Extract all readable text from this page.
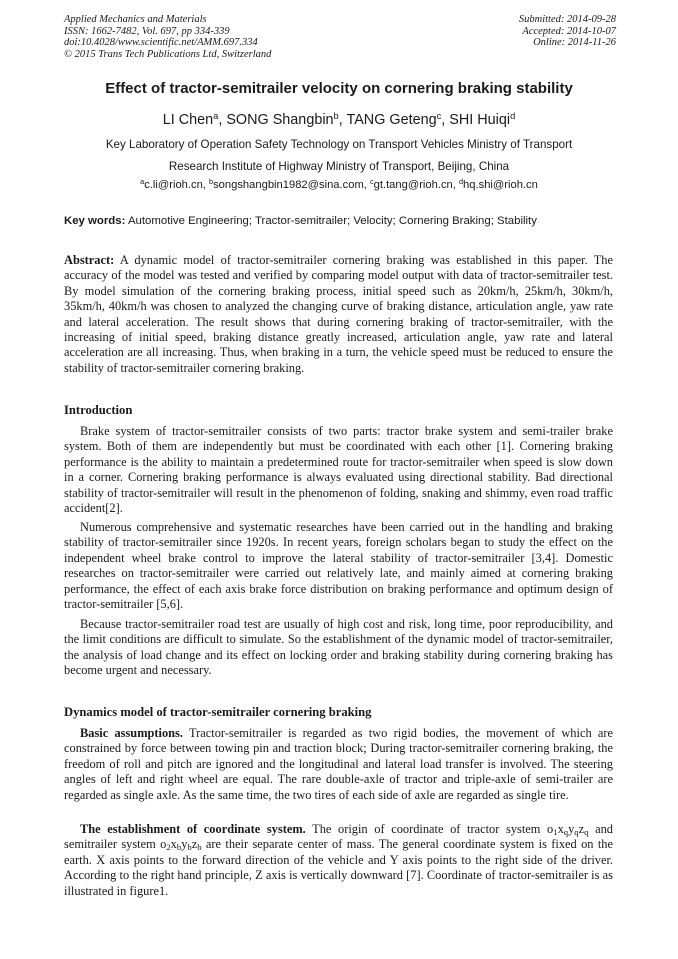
Applied Mechanics and Materials
ISSN: 1662-7482, Vol. 697, pp 334-339
doi:10.4028/www.scientific.net/AMM.697.334
© 2015 Trans Tech Publications Ltd, Switzerland
Submitted: 2014-09-28
Accepted: 2014-10-07
Online: 2014-11-26
Effect of tractor-semitrailer velocity on cornering braking stability
LI Chen$^a$, SONG Shangbin$^b$, TANG Geteng$^c$, SHI Huiqi$^d$
Key Laboratory of Operation Safety Technology on Transport Vehicles Ministry of Transport
Research Institute of Highway Ministry of Transport, Beijing, China
$^a$c.li@rioh.cn, $^b$songshangbin1982@sina.com, $^c$gt.tang@rioh.cn, $^d$hq.shi@rioh.cn
Key words: Automotive Engineering; Tractor-semitrailer; Velocity; Cornering Braking; Stability
Abstract: A dynamic model of tractor-semitrailer cornering braking was established in this paper. The accuracy of the model was tested and verified by comparing model output with data of tractor-semitrailer test. By model simulation of the cornering braking process, initial speed such as 20km/h, 25km/h, 30km/h, 35km/h, 40km/h was chosen to analyzed the changing curve of braking distance, articulation angle, yaw rate and lateral acceleration. The result shows that during cornering braking of tractor-semitrailer, with the increasing of initial speed, braking distance greatly increased, articulation angle, yaw rate and lateral acceleration are all increasing. Thus, when braking in a turn, the vehicle speed must be reduced to ensure the stability of tractor-semitrailer cornering braking.
Introduction
Brake system of tractor-semitrailer consists of two parts: tractor brake system and semi-trailer brake system. Both of them are independently but must be coordinated with each other [1]. Cornering braking performance is the ability to maintain a predetermined route for tractor-semitrailer when speed is slow down in a corner. Cornering braking performance is always evaluated using directional stability. Bad directional stability of tractor-semitrailer will result in the phenomenon of folding, snaking and shimmy, even road traffic accident[2].
Numerous comprehensive and systematic researches have been carried out in the handling and braking stability of tractor-semitrailer since 1920s. In recent years, foreign scholars began to study the effect on the independent wheel brake control to improve the lateral stability of tractor-semitrailer [3,4]. Domestic researches on tractor-semitrailer were carried out relatively late, and mainly aimed at cornering braking performance, the effect of each axis brake force distribution on braking performance and optimum design of tractor-semitrailer [5,6].
Because tractor-semitrailer road test are usually of high cost and risk, long time, poor reproducibility, and the limit conditions are difficult to simulate. So the establishment of the dynamic model of tractor-semitrailer, the analysis of load change and its effect on locking order and braking stability during cornering braking has become urgent and necessary.
Dynamics model of tractor-semitrailer cornering braking
Basic assumptions. Tractor-semitrailer is regarded as two rigid bodies, the movement of which are constrained by force between towing pin and traction block; During tractor-semitrailer cornering braking, the freedom of roll and pitch are ignored and the longitudinal and lateral load transfer is involved. The steering angles of left and right wheel are equal. The rare double-axle of tractor and triple-axle of semi-trailer are regarded as single axle. As the same time, the two tires of each side of axle are regarded as single tire.
The establishment of coordinate system. The origin of coordinate of tractor system $o_1x_qy_qz_q$ and semitrailer system $o_2x_by_bz_b$ are their separate center of mass. The general coordinate system is fixed on the earth. X axis points to the forward direction of the vehicle and Y axis points to the right side of the driver. According to the right hand principle, Z axis is vertically downward [7]. Coordinate of tractor-semitrailer is as illustrated in figure1.
